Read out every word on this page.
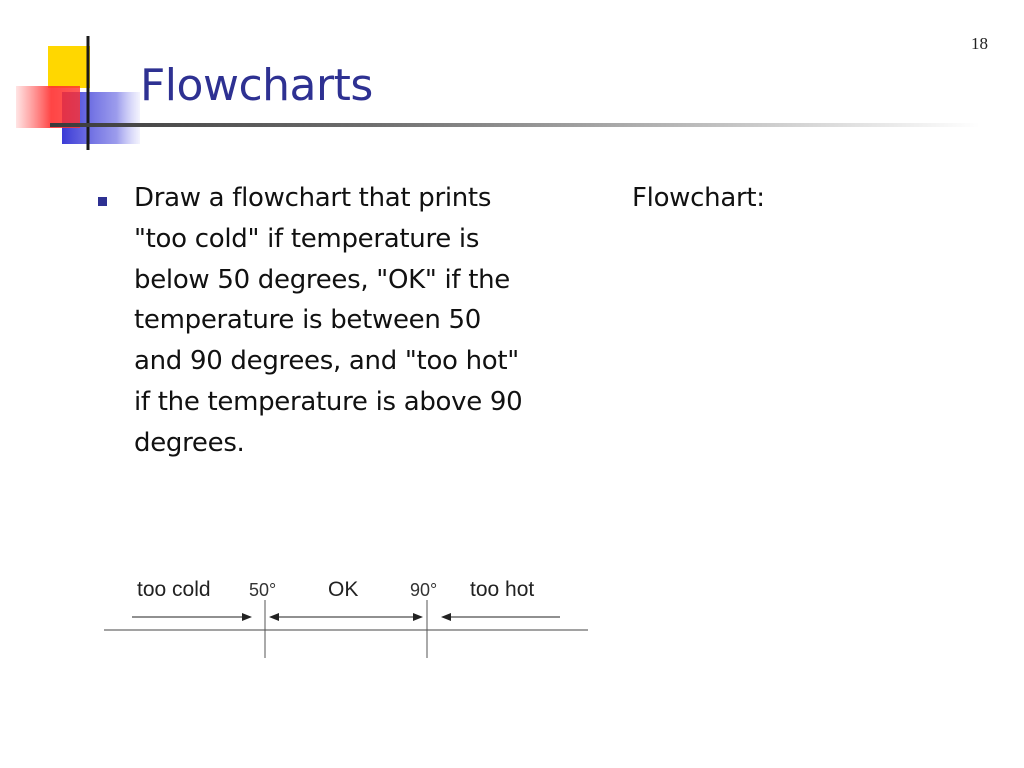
18
Flowcharts
Draw a flowchart that prints "too cold" if temperature is below 50 degrees, "OK" if the temperature is between 50 and 90 degrees, and "too hot" if the temperature is above 90 degrees.
Flowchart:
too cold 50° OK	90° too hot
